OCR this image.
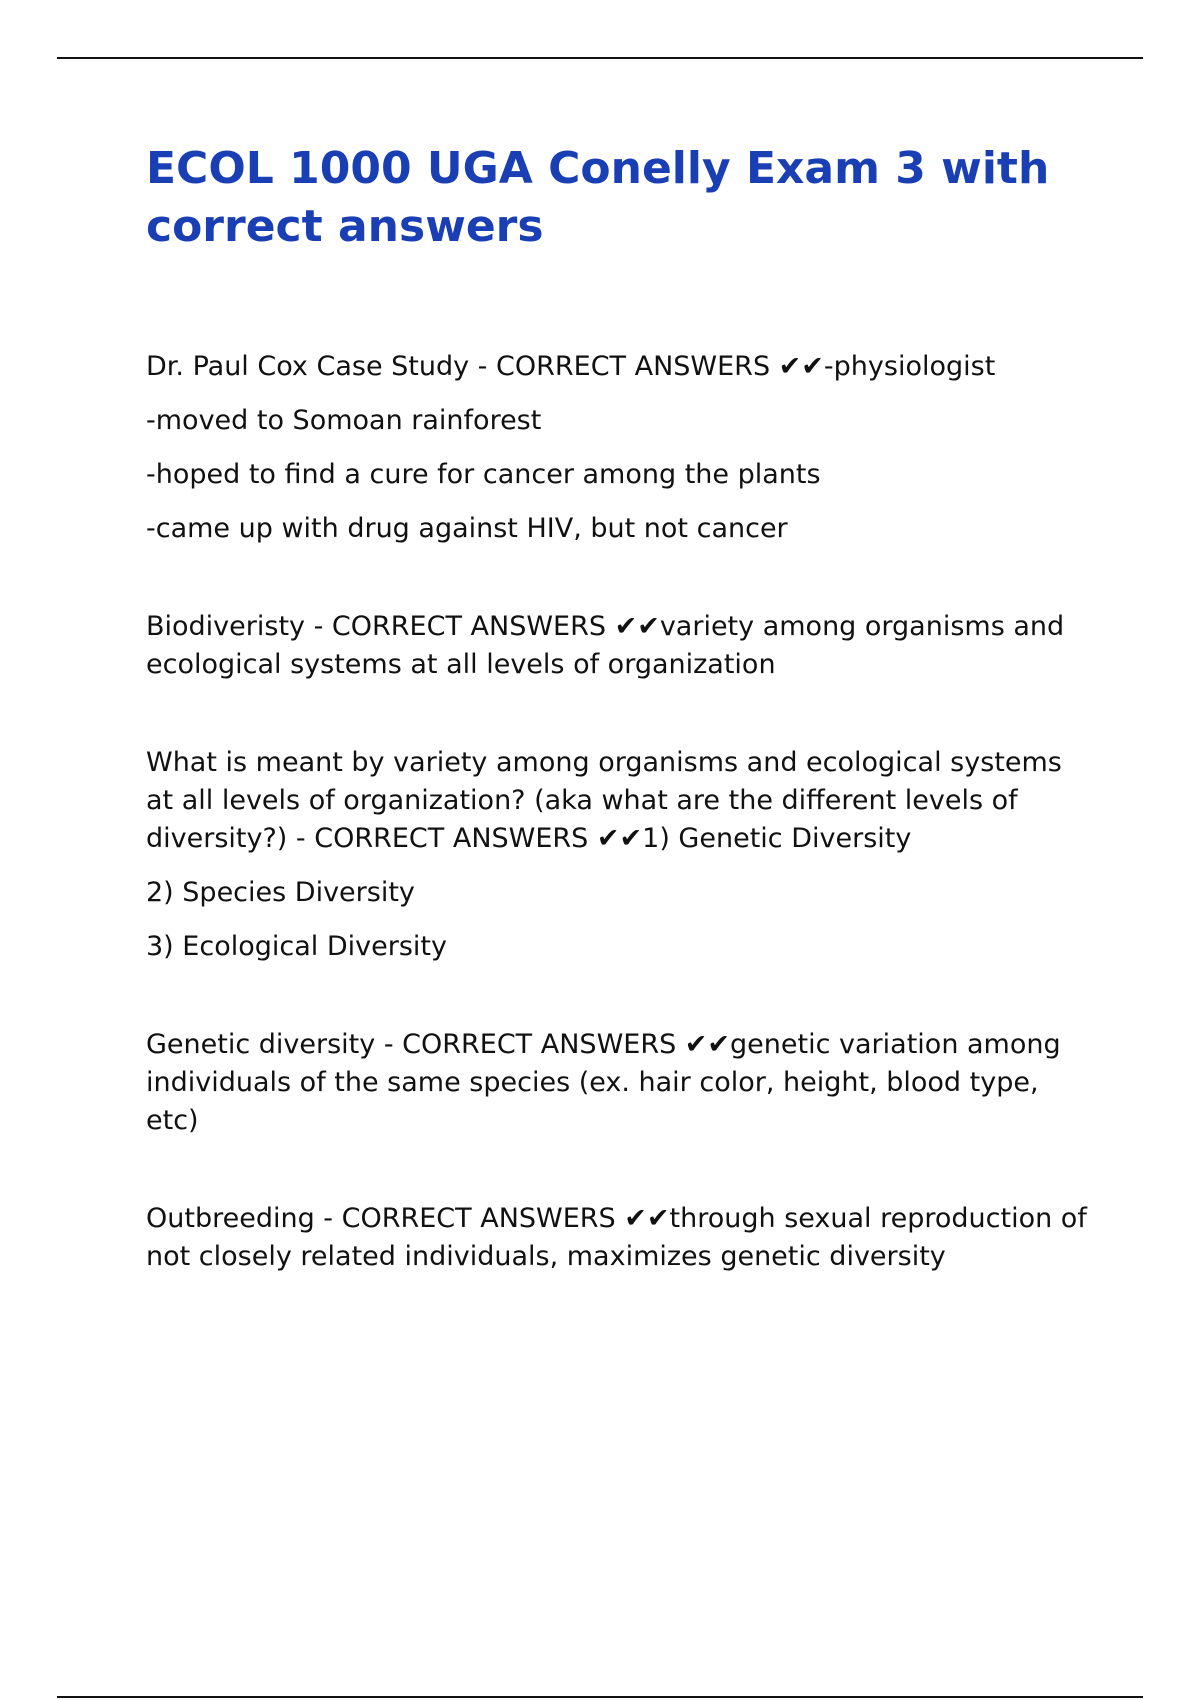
ECOL 1000 UGA Conelly Exam 3 with correct answers

Dr. Paul Cox Case Study - CORRECT ANSWERS ✔✔-physiologist

-moved to Somoan rainforest

-hoped to find a cure for cancer among the plants

-came up with drug against HIV, but not cancer

Biodiveristy - CORRECT ANSWERS ✔✔variety among organisms and ecological systems at all levels of organization

What is meant by variety among organisms and ecological systems at all levels of organization? (aka what are the different levels of diversity?) - CORRECT ANSWERS ✔✔1) Genetic Diversity

2) Species Diversity

3) Ecological Diversity

Genetic diversity - CORRECT ANSWERS ✔✔genetic variation among individuals of the same species (ex. hair color, height, blood type, etc)

Outbreeding - CORRECT ANSWERS ✔✔through sexual reproduction of not closely related individuals, maximizes genetic diversity
